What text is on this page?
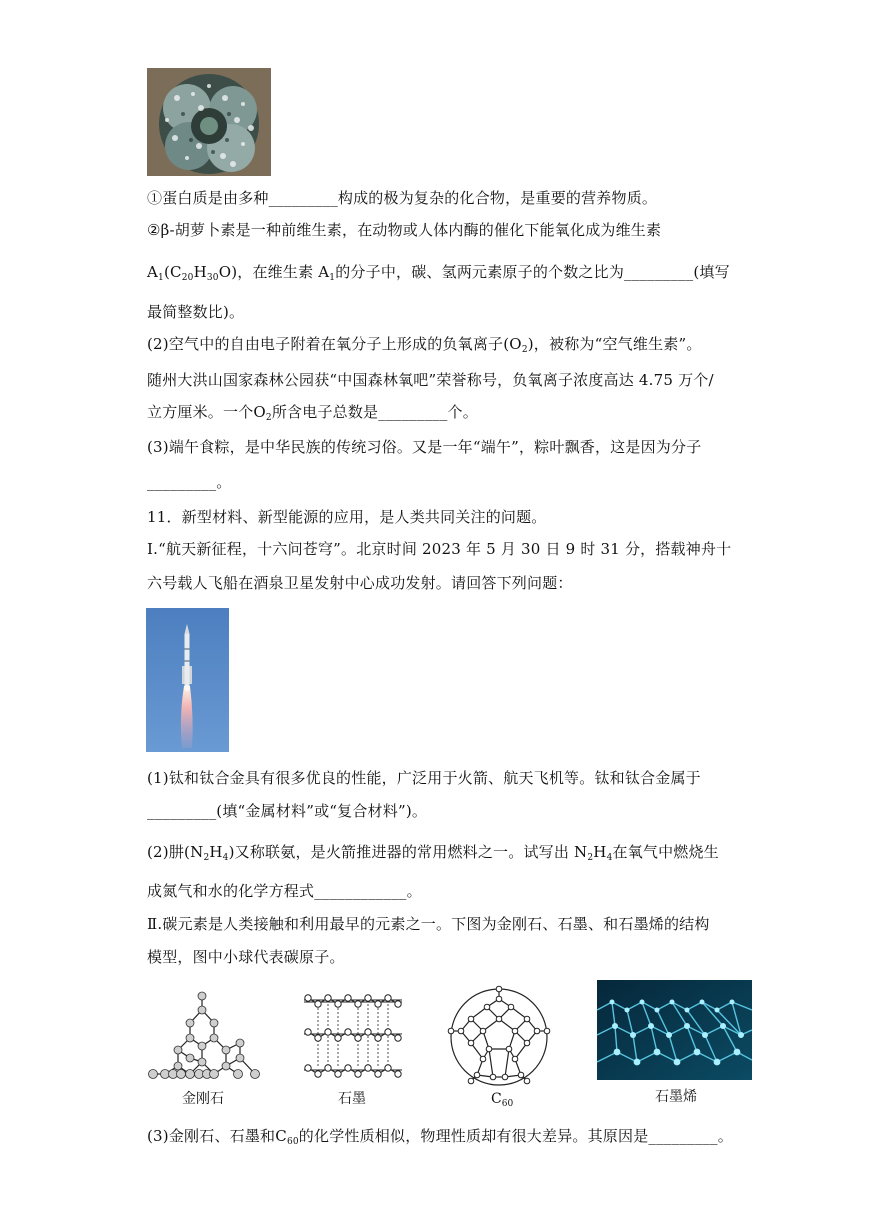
①蛋白质是由多种_________构成的极为复杂的化合物，是重要的营养物质。
②β-胡萝卜素是一种前维生素，在动物或人体内酶的催化下能氧化成为维生素
$A_1(C_{20}H_{30}O)$，在维生素 $A_1$的分子中，碳、氢两元素原子的个数之比为_________(填写
最简整数比)。
(2)空气中的自由电子附着在氧分子上形成的负氧离子$(O_2)$，被称为“空气维生素”。
随州大洪山国家森林公园获“中国森林氧吧”荣誉称号，负氧离子浓度高达 4.75 万个/
立方厘米。一个$O_2$所含电子总数是_________个。
(3)端午食粽，是中华民族的传统习俗。又是一年“端午”，粽叶飘香，这是因为分子
_________。
11．新型材料、新型能源的应用，是人类共同关注的问题。
Ⅰ.“航天新征程，十六问苍穹”。北京时间 2023 年 5 月 30 日 9 时 31 分，搭载神舟十
六号载人飞船在酒泉卫星发射中心成功发射。请回答下列问题：
(1)钛和钛合金具有很多优良的性能，广泛用于火箭、航天飞机等。钛和钛合金属于
_________(填“金属材料”或“复合材料”)。
(2)肼$(N_2H_4)$又称联氨，是火箭推进器的常用燃料之一。试写出 $N_2H_4$在氧气中燃烧生
成氮气和水的化学方程式____________。
Ⅱ.碳元素是人类接触和利用最早的元素之一。下图为金刚石、石墨、和石墨烯的结构
模型，图中小球代表碳原子。
金刚石	石墨	$C_{60}$	石墨烯
(3)金刚石、石墨和$C_{60}$的化学性质相似，物理性质却有很大差异。其原因是_________。
